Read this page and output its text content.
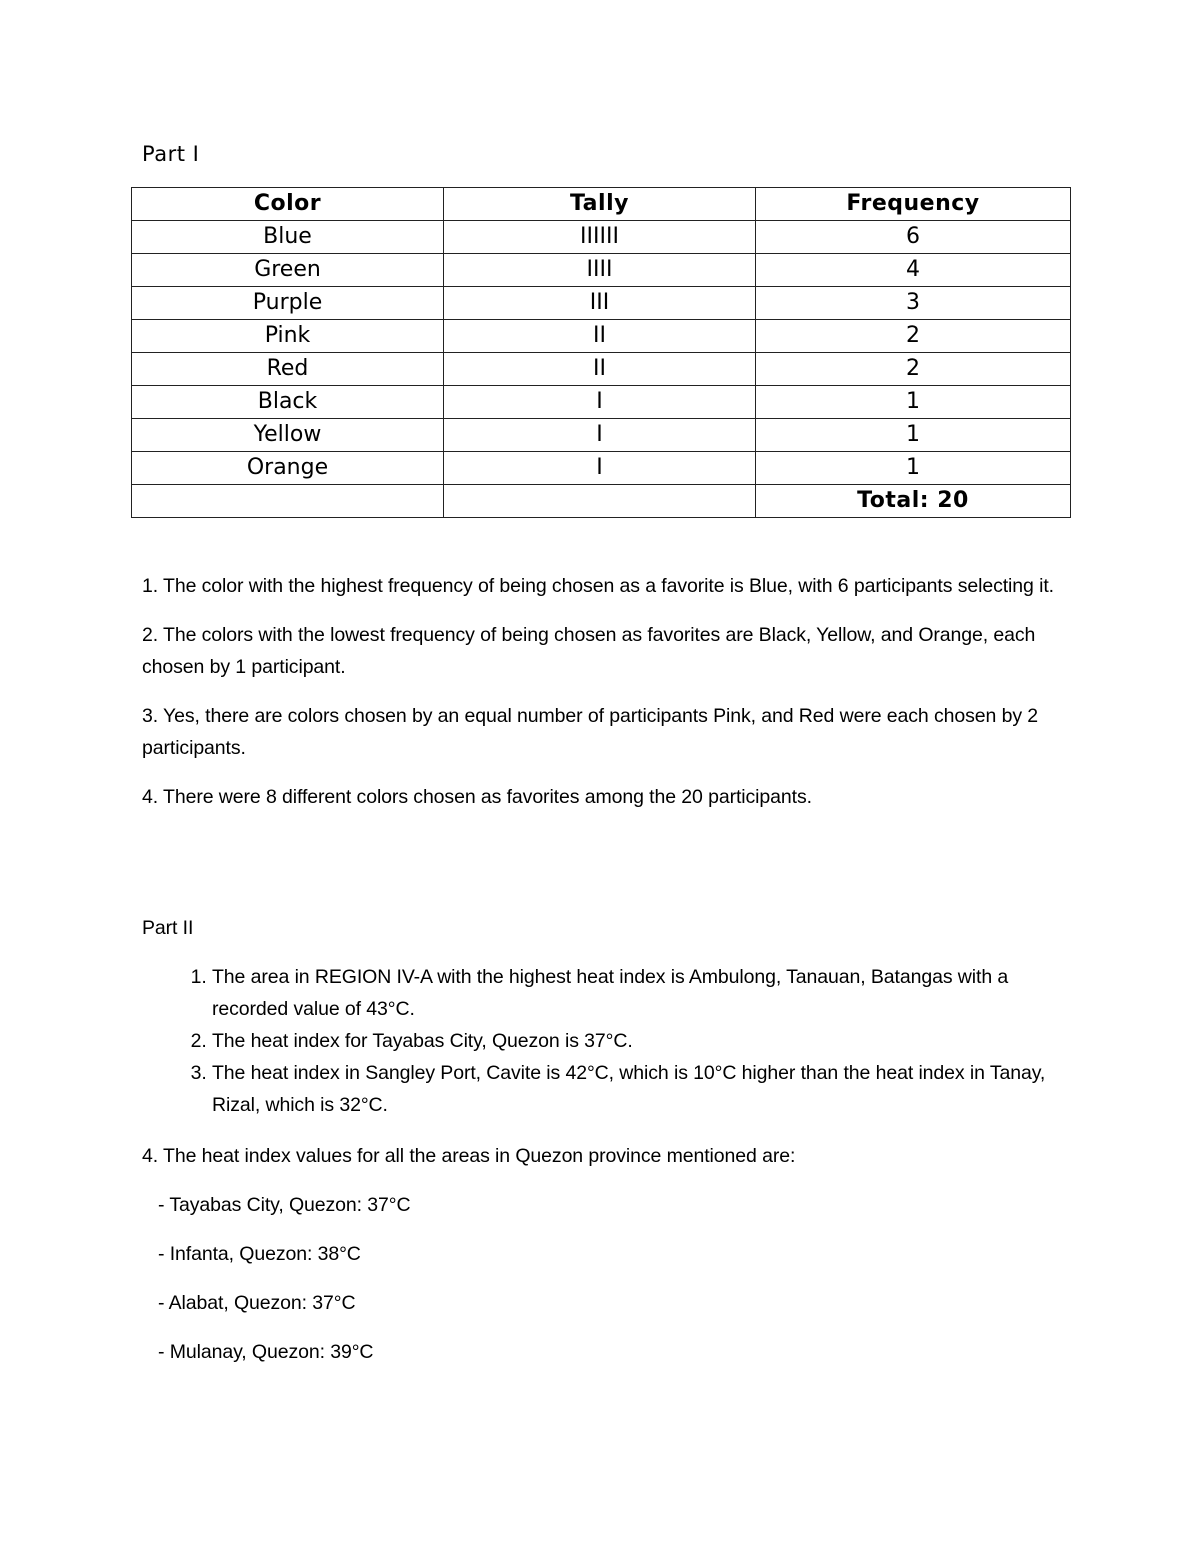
Part I
Color	Tally	Frequency
Blue	IIIIII	6
Green	IIII	4
Purple	III	3
Pink	II	2
Red	II	2
Black	I	1
Yellow	I	1
Orange	I	1
		Total: 20

1. The color with the highest frequency of being chosen as a favorite is Blue, with 6 participants selecting it.

2. The colors with the lowest frequency of being chosen as favorites are Black, Yellow, and Orange, each chosen by 1 participant.

3. Yes, there are colors chosen by an equal number of participants Pink, and Red were each chosen by 2 participants.

4. There were 8 different colors chosen as favorites among the 20 participants.

Part II
1. The area in REGION IV-A with the highest heat index is Ambulong, Tanauan, Batangas with a recorded value of 43°C.
2. The heat index for Tayabas City, Quezon is 37°C.
3. The heat index in Sangley Port, Cavite is 42°C, which is 10°C higher than the heat index in Tanay, Rizal, which is 32°C.
4. The heat index values for all the areas in Quezon province mentioned are:
- Tayabas City, Quezon: 37°C
- Infanta, Quezon: 38°C
- Alabat, Quezon: 37°C
- Mulanay, Quezon: 39°C
